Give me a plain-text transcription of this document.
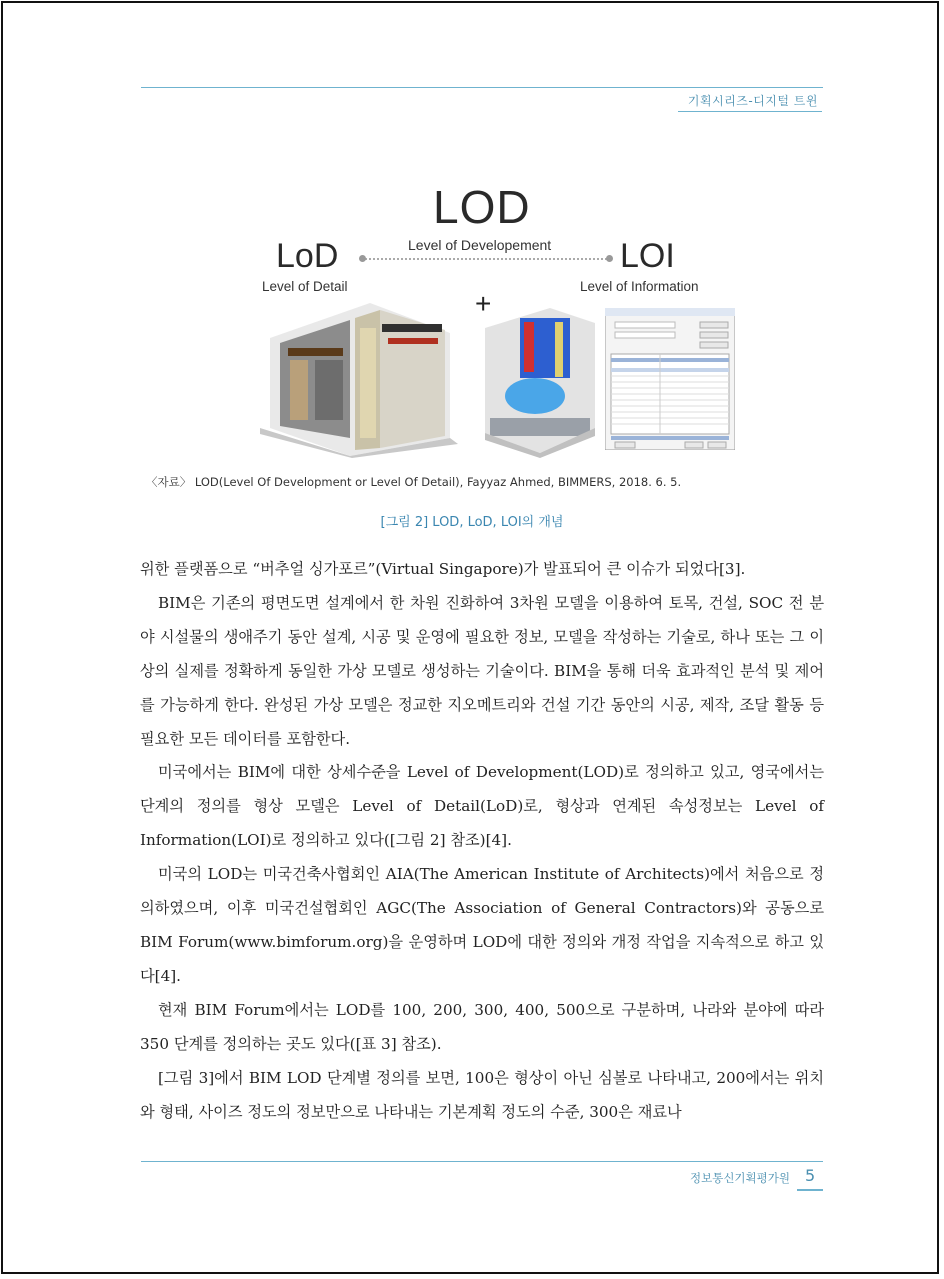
기획시리즈-디지털 트윈
LOD
Level of Developement
LoD
Level of Detail
LOI
Level of Information
+
〈자료〉 LOD(Level Of Development or Level Of Detail), Fayyaz Ahmed, BIMMERS, 2018. 6. 5.
[그림 2] LOD, LoD, LOI의 개념

위한 플랫폼으로 “버추얼 싱가포르”(Virtual Singapore)가 발표되어 큰 이슈가 되었다[3].

BIM은 기존의 평면도면 설계에서 한 차원 진화하여 3차원 모델을 이용하여 토목, 건설, SOC 전 분야 시설물의 생애주기 동안 설계, 시공 및 운영에 필요한 정보, 모델을 작성하는 기술로, 하나 또는 그 이상의 실제를 정확하게 동일한 가상 모델로 생성하는 기술이다. BIM을 통해 더욱 효과적인 분석 및 제어를 가능하게 한다. 완성된 가상 모델은 정교한 지오메트리와 건설 기간 동안의 시공, 제작, 조달 활동 등 필요한 모든 데이터를 포함한다.

미국에서는 BIM에 대한 상세수준을 Level of Development(LOD)로 정의하고 있고, 영국에서는 단계의 정의를 형상 모델은 Level of Detail(LoD)로, 형상과 연계된 속성정보는 Level of Information(LOI)로 정의하고 있다([그림 2] 참조)[4].

미국의 LOD는 미국건축사협회인 AIA(The American Institute of Architects)에서 처음으로 정의하였으며, 이후 미국건설협회인 AGC(The Association of General Contractors)와 공동으로 BIM Forum(www.bimforum.org)을 운영하며 LOD에 대한 정의와 개정 작업을 지속적으로 하고 있다[4].

현재 BIM Forum에서는 LOD를 100, 200, 300, 400, 500으로 구분하며, 나라와 분야에 따라 350 단계를 정의하는 곳도 있다([표 3] 참조).

[그림 3]에서 BIM LOD 단계별 정의를 보면, 100은 형상이 아닌 심볼로 나타내고, 200에서는 위치와 형태, 사이즈 정도의 정보만으로 나타내는 기본계획 정도의 수준, 300은 재료나

정보통신기획평가원 5
